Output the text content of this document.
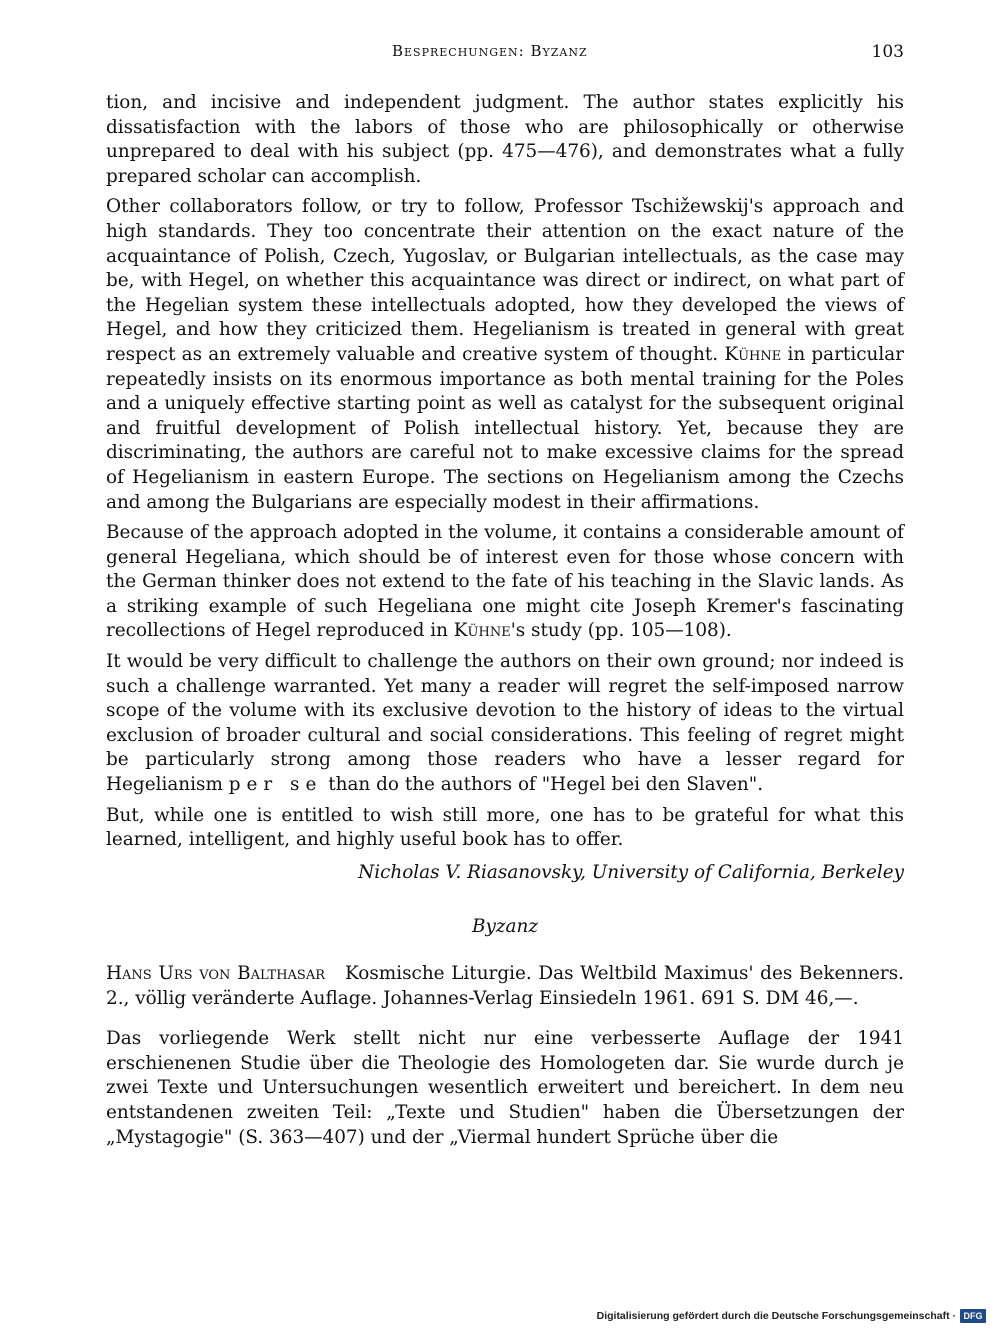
Besprechungen: Byzanz	103

tion, and incisive and independent judgment. The author states explicitly his dissatisfaction with the labors of those who are philosophically or otherwise unprepared to deal with his subject (pp. 475—476), and demonstrates what a fully prepared scholar can accomplish.

Other collaborators follow, or try to follow, Professor Tschižewskij's approach and high standards. They too concentrate their attention on the exact nature of the acquaintance of Polish, Czech, Yugoslav, or Bulgarian intellectuals, as the case may be, with Hegel, on whether this acquaintance was direct or indirect, on what part of the Hegelian system these intellectuals adopted, how they developed the views of Hegel, and how they criticized them. Hegelianism is treated in general with great respect as an extremely valuable and creative system of thought. Kühne in particular repeatedly insists on its enormous importance as both mental training for the Poles and a uniquely effective starting point as well as catalyst for the subsequent original and fruitful development of Polish intellectual history. Yet, because they are discriminating, the authors are careful not to make excessive claims for the spread of Hegelianism in eastern Europe. The sections on Hegelianism among the Czechs and among the Bulgarians are especially modest in their affirmations.

Because of the approach adopted in the volume, it contains a considerable amount of general Hegeliana, which should be of interest even for those whose concern with the German thinker does not extend to the fate of his teaching in the Slavic lands. As a striking example of such Hegeliana one might cite Joseph Kremer's fascinating recollections of Hegel reproduced in Kühne's study (pp. 105—108).

It would be very difficult to challenge the authors on their own ground; nor indeed is such a challenge warranted. Yet many a reader will regret the self-imposed narrow scope of the volume with its exclusive devotion to the history of ideas to the virtual exclusion of broader cultural and social considerations. This feeling of regret might be particularly strong among those readers who have a lesser regard for Hegelianism per se than do the authors of "Hegel bei den Slaven".

But, while one is entitled to wish still more, one has to be grateful for what this learned, intelligent, and highly useful book has to offer.

Nicholas V. Riasanovsky, University of California, Berkeley

Byzanz

Hans Urs von Balthasar Kosmische Liturgie. Das Weltbild Maximus' des Bekenners. 2., völlig veränderte Auflage. Johannes-Verlag Einsiedeln 1961. 691 S. DM 46,—.

Das vorliegende Werk stellt nicht nur eine verbesserte Auflage der 1941 erschienenen Studie über die Theologie des Homologeten dar. Sie wurde durch je zwei Texte und Untersuchungen wesentlich erweitert und bereichert. In dem neu entstandenen zweiten Teil: „Texte und Studien" haben die Übersetzungen der „Mystagogie" (S. 363—407) und der „Viermal hundert Sprüche über die

Digitalisierung gefördert durch die Deutsche Forschungsgemeinschaft · DFG
